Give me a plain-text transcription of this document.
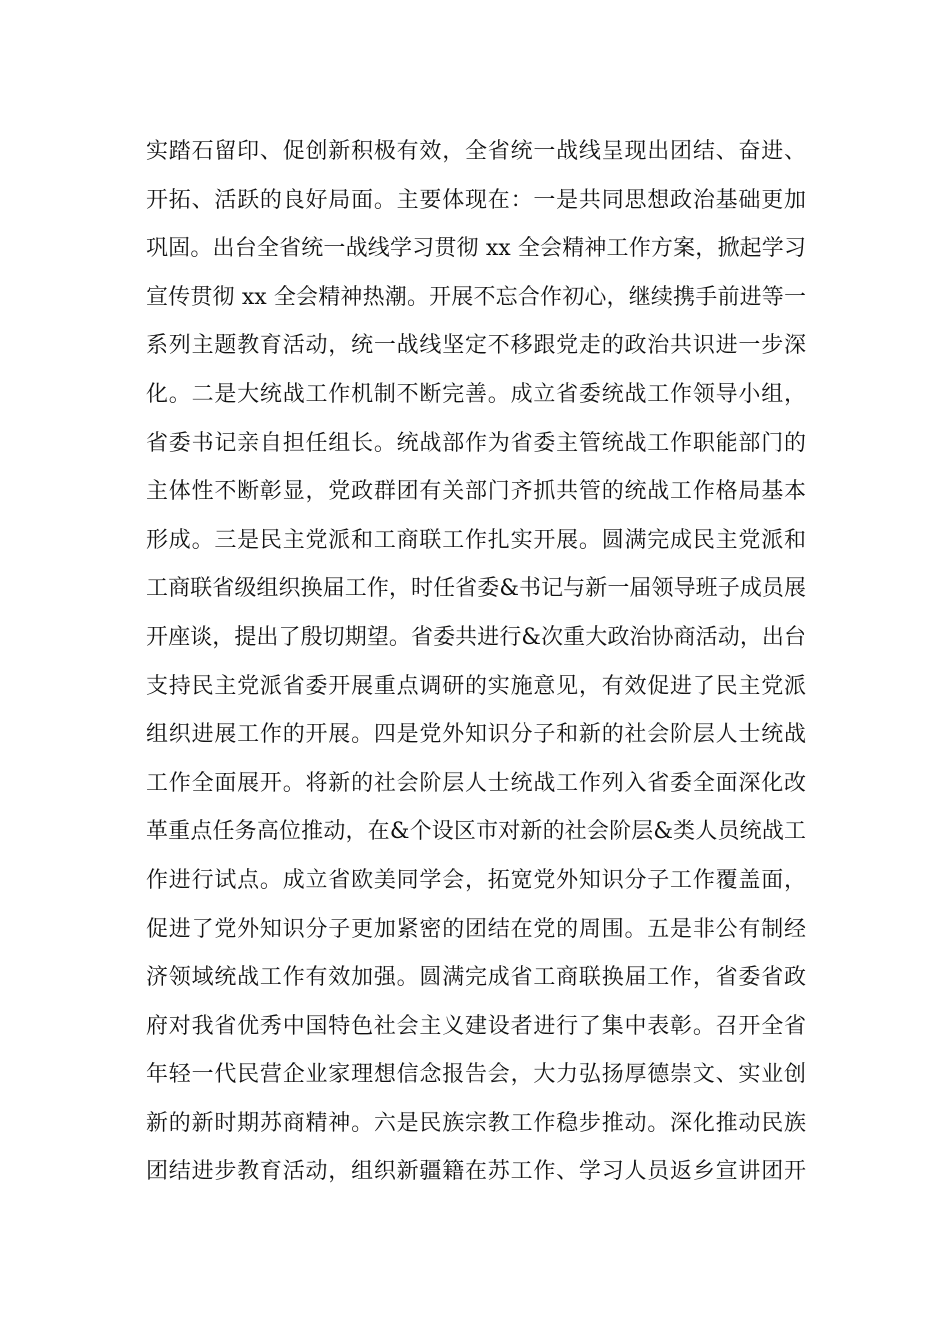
实踏石留印、促创新积极有效，全省统一战线呈现出团结、奋进、
开拓、活跃的良好局面。主要体现在：一是共同思想政治基础更加
巩固。出台全省统一战线学习贯彻 xx 全会精神工作方案，掀起学习
宣传贯彻 xx 全会精神热潮。开展不忘合作初心，继续携手前进等一
系列主题教育活动，统一战线坚定不移跟党走的政治共识进一步深
化。二是大统战工作机制不断完善。成立省委统战工作领导小组，
省委书记亲自担任组长。统战部作为省委主管统战工作职能部门的
主体性不断彰显，党政群团有关部门齐抓共管的统战工作格局基本
形成。三是民主党派和工商联工作扎实开展。圆满完成民主党派和
工商联省级组织换届工作，时任省委&书记与新一届领导班子成员展
开座谈，提出了殷切期望。省委共进行&次重大政治协商活动，出台
支持民主党派省委开展重点调研的实施意见，有效促进了民主党派
组织进展工作的开展。四是党外知识分子和新的社会阶层人士统战
工作全面展开。将新的社会阶层人士统战工作列入省委全面深化改
革重点任务高位推动，在&个设区市对新的社会阶层&类人员统战工
作进行试点。成立省欧美同学会，拓宽党外知识分子工作覆盖面，
促进了党外知识分子更加紧密的团结在党的周围。五是非公有制经
济领域统战工作有效加强。圆满完成省工商联换届工作，省委省政
府对我省优秀中国特色社会主义建设者进行了集中表彰。召开全省
年轻一代民营企业家理想信念报告会，大力弘扬厚德崇文、实业创
新的新时期苏商精神。六是民族宗教工作稳步推动。深化推动民族
团结进步教育活动，组织新疆籍在苏工作、学习人员返乡宣讲团开
